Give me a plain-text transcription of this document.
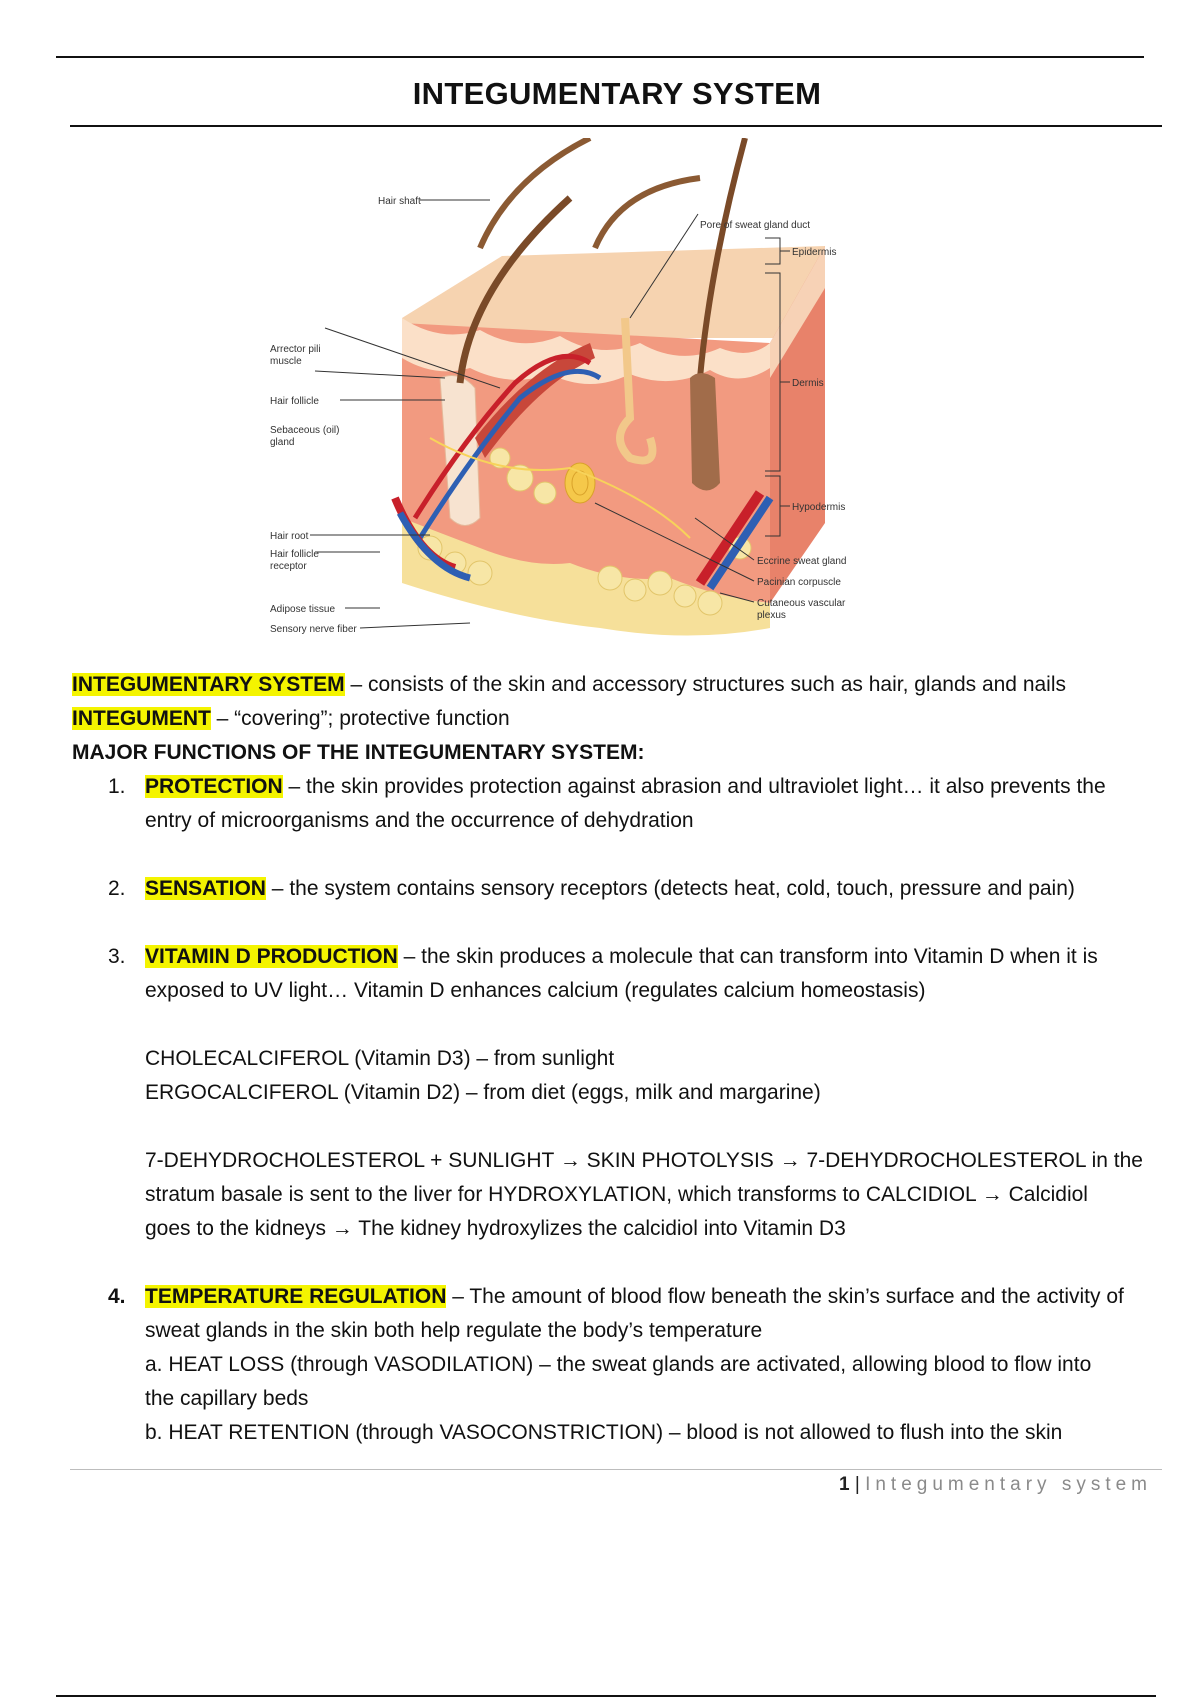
INTEGUMENTARY SYSTEM
Hair shaft
Pore of sweat gland duct
Epidermis
Arrector pili
muscle
Dermis
Hair follicle
Sebaceous (oil)
gland
Hypodermis
Hair root
Hair follicle
receptor	Eccrine sweat gland
Pacinian corpuscle
Cutaneous vascular
plexus
Adipose tissue
Sensory nerve fiber
INTEGUMENTARY SYSTEM – consists of the skin and accessory structures such as hair, glands and nails
INTEGUMENT – “covering”; protective function
MAJOR FUNCTIONS OF THE INTEGUMENTARY SYSTEM:
1. PROTECTION – the skin provides protection against abrasion and ultraviolet light… it also prevents the
entry of microorganisms and the occurrence of dehydration
2. SENSATION – the system contains sensory receptors (detects heat, cold, touch, pressure and pain)
3. VITAMIN D PRODUCTION – the skin produces a molecule that can transform into Vitamin D when it is
exposed to UV light… Vitamin D enhances calcium (regulates calcium homeostasis)
CHOLECALCIFEROL (Vitamin D3) – from sunlight
ERGOCALCIFEROL (Vitamin D2) – from diet (eggs, milk and margarine)
7-DEHYDROCHOLESTEROL + SUNLIGHT → SKIN PHOTOLYSIS → 7-DEHYDROCHOLESTEROL in the
stratum basale is sent to the liver for HYDROXYLATION, which transforms to CALCIDIOL → Calcidiol
goes to the kidneys → The kidney hydroxylizes the calcidiol into Vitamin D3
4. TEMPERATURE REGULATION – The amount of blood flow beneath the skin’s surface and the activity of
sweat glands in the skin both help regulate the body’s temperature
a. HEAT LOSS (through VASODILATION) – the sweat glands are activated, allowing blood to flow into
the capillary beds
b. HEAT RETENTION (through VASOCONSTRICTION) – blood is not allowed to flush into the skin
1 | Integumentary system
